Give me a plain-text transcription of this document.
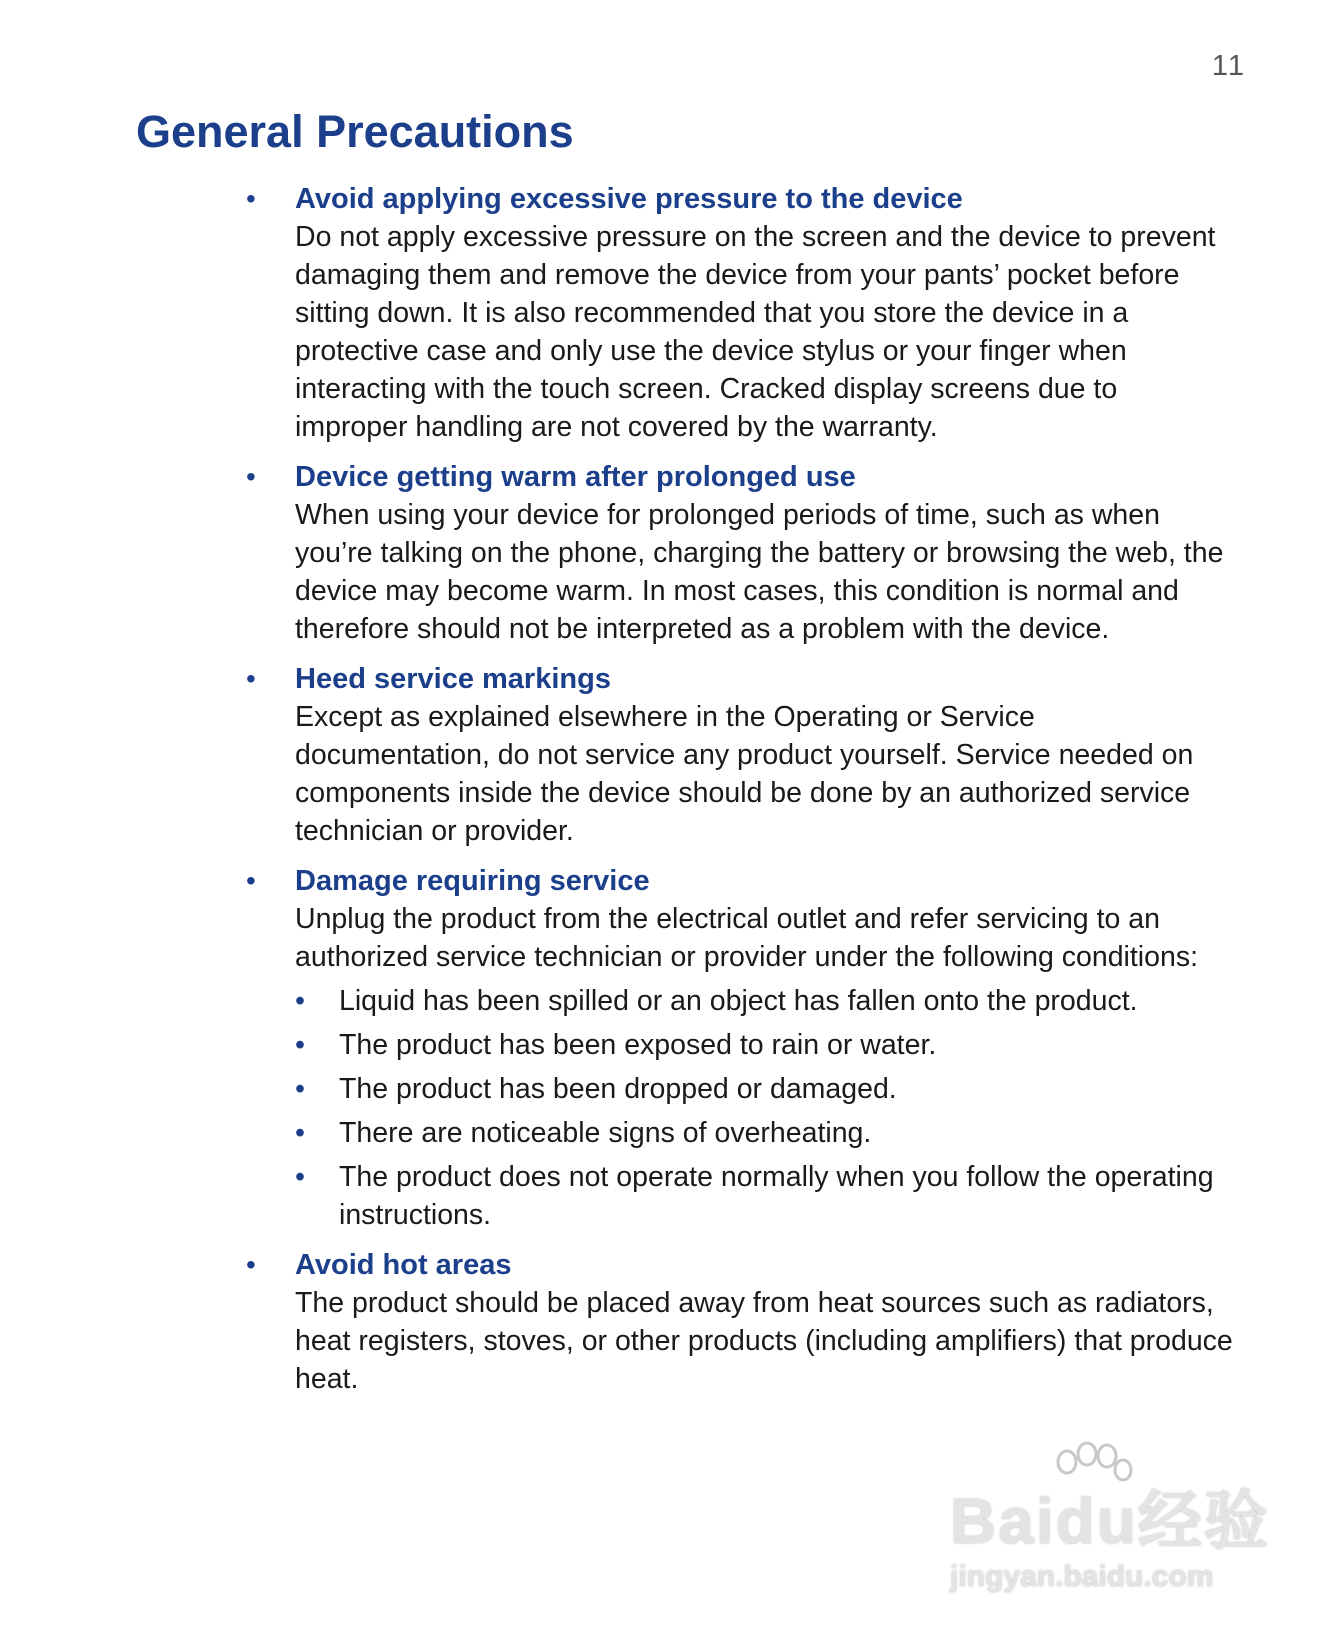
11
General Precautions
• Avoid applying excessive pressure to the device

Do not apply excessive pressure on the screen and the device to prevent damaging them and remove the device from your pants’ pocket before sitting down. It is also recommended that you store the device in a protective case and only use the device stylus or your finger when interacting with the touch screen. Cracked display screens due to improper handling are not covered by the warranty.

• Device getting warm after prolonged use

When using your device for prolonged periods of time, such as when you’re talking on the phone, charging the battery or browsing the web, the device may become warm. In most cases, this condition is normal and therefore should not be interpreted as a problem with the device.

• Heed service markings

Except as explained elsewhere in the Operating or Service documentation, do not service any product yourself. Service needed on components inside the device should be done by an authorized service technician or provider.

• Damage requiring service

Unplug the product from the electrical outlet and refer servicing to an authorized service technician or provider under the following conditions:

• Liquid has been spilled or an object has fallen onto the product.
• The product has been exposed to rain or water.
• The product has been dropped or damaged.
• There are noticeable signs of overheating.
• The product does not operate normally when you follow the operating instructions.
• Avoid hot areas

The product should be placed away from heat sources such as radiators, heat registers, stoves, or other products (including amplifiers) that produce heat.

Baidu经验
jingyan.baidu.com
